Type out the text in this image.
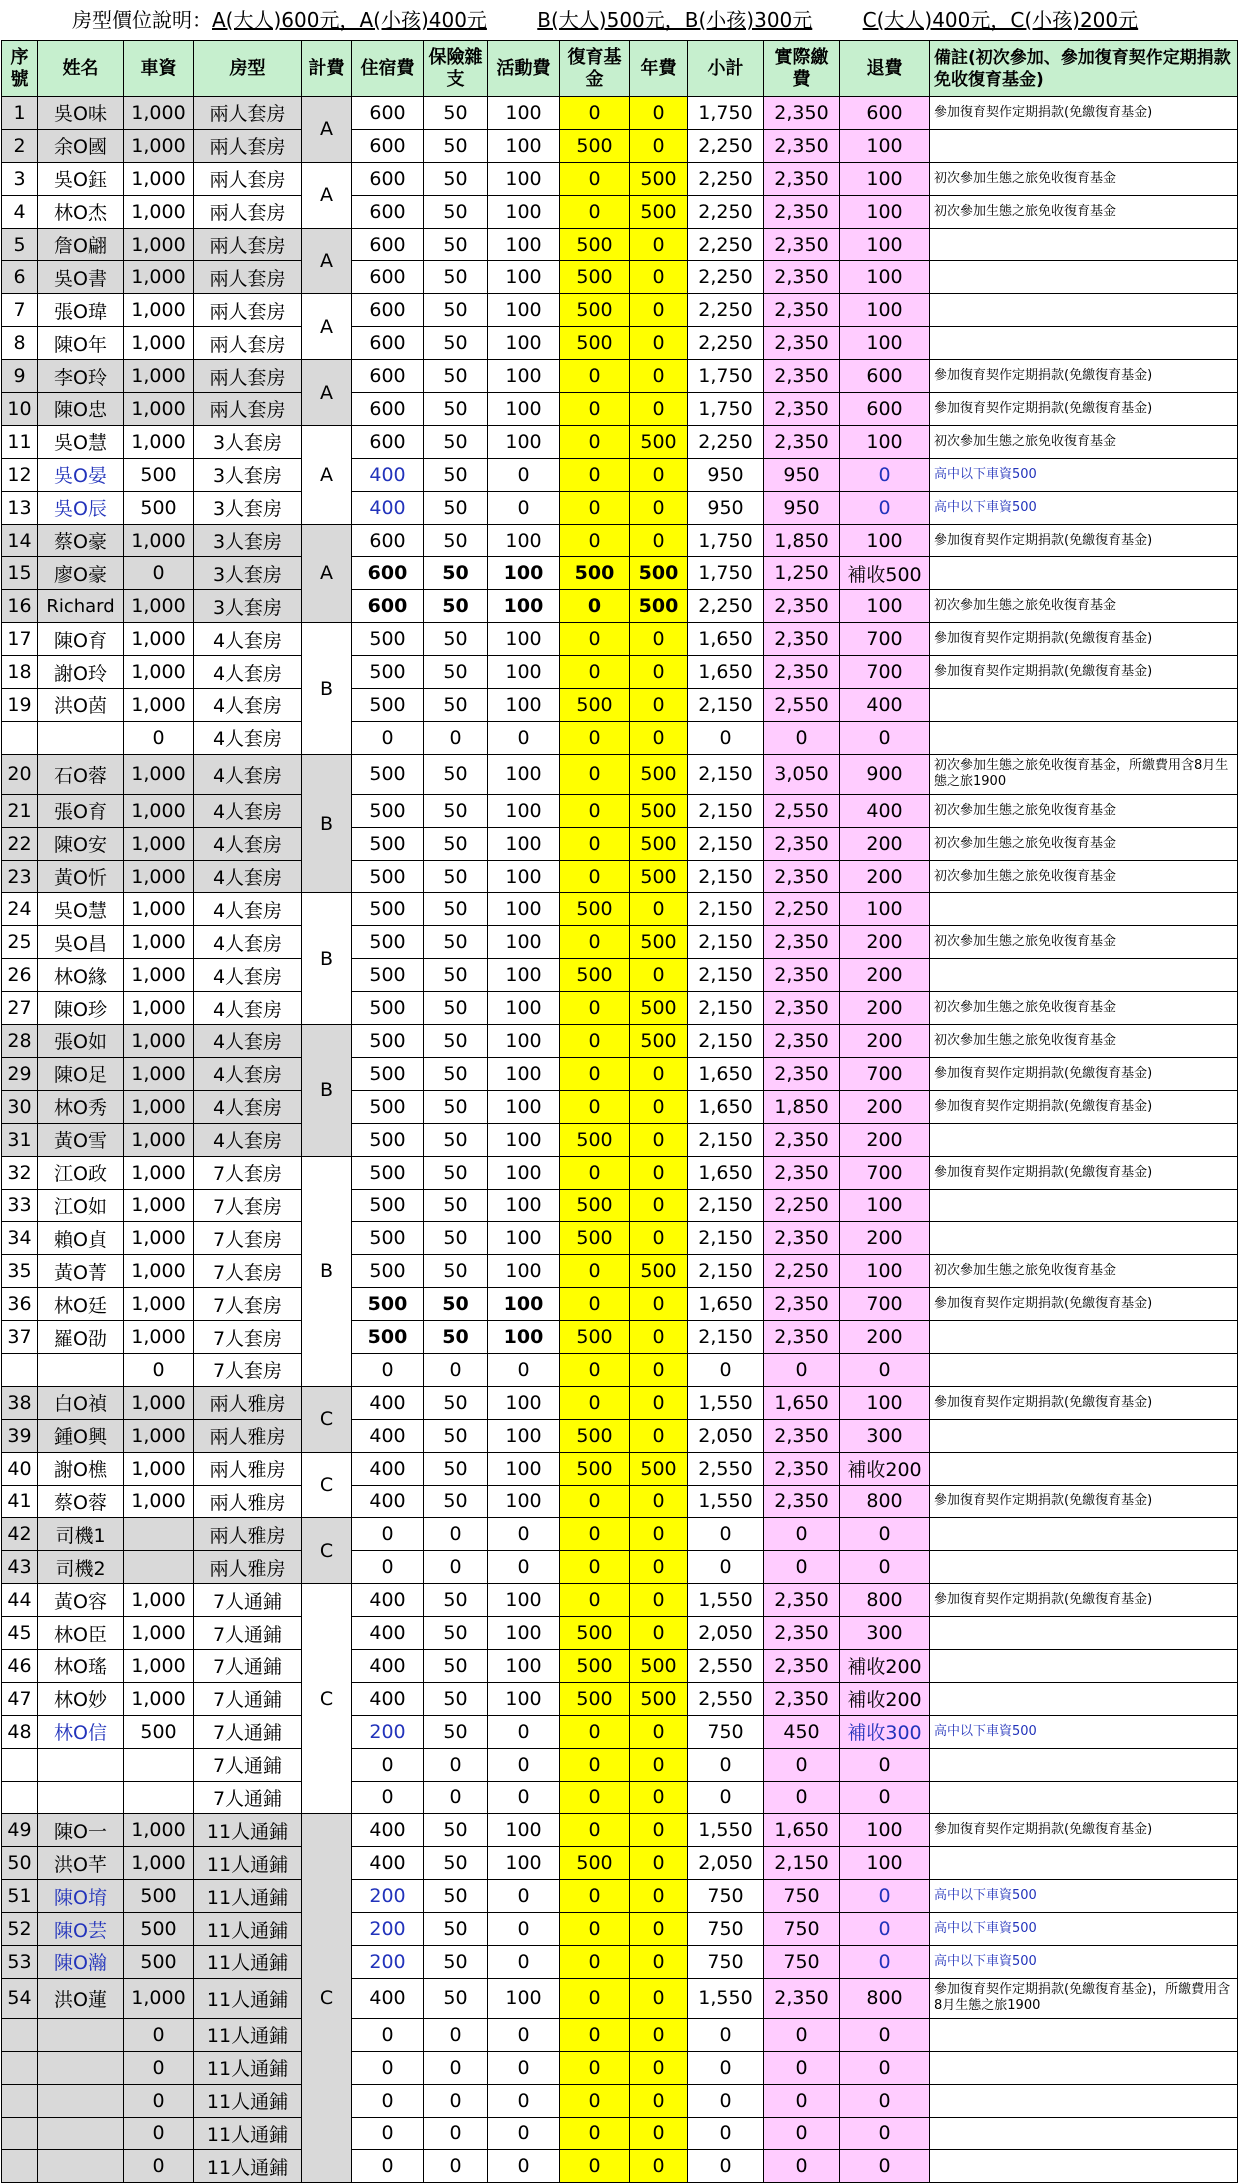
房型價位說明：A(大人)600元，A(小孩)400元	B(大人)500元，B(小孩)300元	C(大人)400元，C(小孩)200元
序號	姓名	車資	房型	計費	住宿費	保險雜支	活動費	復育基金	年費	小計	實際繳費	退費	備註(初次參加、參加復育契作定期捐款免收復育基金)
1	吳O味	1,000	兩人套房	A	600	50	100	0	0	1,750	2,350	600	參加復育契作定期捐款(免繳復育基金)
2	余O國	1,000	兩人套房		600	50	100	500	0	2,250	2,350	100	
3	吳O鈺	1,000	兩人套房	A	600	50	100	0	500	2,250	2,350	100	初次參加生態之旅免收復育基金
4	林O杰	1,000	兩人套房		600	50	100	0	500	2,250	2,350	100	初次參加生態之旅免收復育基金
5	詹O翩	1,000	兩人套房	A	600	50	100	500	0	2,250	2,350	100	
6	吳O書	1,000	兩人套房		600	50	100	500	0	2,250	2,350	100	
7	張O瑋	1,000	兩人套房	A	600	50	100	500	0	2,250	2,350	100	
8	陳O年	1,000	兩人套房		600	50	100	500	0	2,250	2,350	100	
9	李O玲	1,000	兩人套房	A	600	50	100	0	0	1,750	2,350	600	參加復育契作定期捐款(免繳復育基金)
10	陳O忠	1,000	兩人套房		600	50	100	0	0	1,750	2,350	600	參加復育契作定期捐款(免繳復育基金)
11	吳O慧	1,000	3人套房	A	600	50	100	0	500	2,250	2,350	100	初次參加生態之旅免收復育基金
12	吳O晏	500	3人套房		400	50	0	0	0	950	950	0	高中以下車資500
13	吳O辰	500	3人套房		400	50	0	0	0	950	950	0	高中以下車資500
14	蔡O豪	1,000	3人套房	A	600	50	100	0	0	1,750	1,850	100	參加復育契作定期捐款(免繳復育基金)
15	廖O豪	0	3人套房		600	50	100	500	500	1,750	1,250	補收500	
16	Richard	1,000	3人套房		600	50	100	0	500	2,250	2,350	100	初次參加生態之旅免收復育基金
17	陳O育	1,000	4人套房	B	500	50	100	0	0	1,650	2,350	700	參加復育契作定期捐款(免繳復育基金)
18	謝O玲	1,000	4人套房		500	50	100	0	0	1,650	2,350	700	參加復育契作定期捐款(免繳復育基金)
19	洪O茵	1,000	4人套房		500	50	100	500	0	2,150	2,550	400	
		0	4人套房		0	0	0	0	0	0	0	0	
20	石O蓉	1,000	4人套房	B	500	50	100	0	500	2,150	3,050	900	初次參加生態之旅免收復育基金，所繳費用含8月生態之旅1900
21	張O育	1,000	4人套房		500	50	100	0	500	2,150	2,550	400	初次參加生態之旅免收復育基金
22	陳O安	1,000	4人套房		500	50	100	0	500	2,150	2,350	200	初次參加生態之旅免收復育基金
23	黃O忻	1,000	4人套房		500	50	100	0	500	2,150	2,350	200	初次參加生態之旅免收復育基金
24	吳O慧	1,000	4人套房	B	500	50	100	500	0	2,150	2,250	100	
25	吳O昌	1,000	4人套房		500	50	100	0	500	2,150	2,350	200	初次參加生態之旅免收復育基金
26	林O緣	1,000	4人套房		500	50	100	500	0	2,150	2,350	200	
27	陳O珍	1,000	4人套房		500	50	100	0	500	2,150	2,350	200	初次參加生態之旅免收復育基金
28	張O如	1,000	4人套房	B	500	50	100	0	500	2,150	2,350	200	初次參加生態之旅免收復育基金
29	陳O足	1,000	4人套房		500	50	100	0	0	1,650	2,350	700	參加復育契作定期捐款(免繳復育基金)
30	林O秀	1,000	4人套房		500	50	100	0	0	1,650	1,850	200	參加復育契作定期捐款(免繳復育基金)
31	黃O雪	1,000	4人套房		500	50	100	500	0	2,150	2,350	200	
32	江O政	1,000	7人套房	B	500	50	100	0	0	1,650	2,350	700	參加復育契作定期捐款(免繳復育基金)
33	江O如	1,000	7人套房		500	50	100	500	0	2,150	2,250	100	
34	賴O貞	1,000	7人套房		500	50	100	500	0	2,150	2,350	200	
35	黃O菁	1,000	7人套房		500	50	100	0	500	2,150	2,250	100	初次參加生態之旅免收復育基金
36	林O廷	1,000	7人套房		500	50	100	0	0	1,650	2,350	700	參加復育契作定期捐款(免繳復育基金)
37	羅O劭	1,000	7人套房		500	50	100	500	0	2,150	2,350	200	
		0	7人套房		0	0	0	0	0	0	0	0	
38	白O禎	1,000	兩人雅房	C	400	50	100	0	0	1,550	1,650	100	參加復育契作定期捐款(免繳復育基金)
39	鍾O興	1,000	兩人雅房		400	50	100	500	0	2,050	2,350	300	
40	謝O樵	1,000	兩人雅房	C	400	50	100	500	500	2,550	2,350	補收200	
41	蔡O蓉	1,000	兩人雅房		400	50	100	0	0	1,550	2,350	800	參加復育契作定期捐款(免繳復育基金)
42	司機1		兩人雅房	C	0	0	0	0	0	0	0	0	
43	司機2		兩人雅房		0	0	0	0	0	0	0	0	
44	黃O容	1,000	7人通鋪	C	400	50	100	0	0	1,550	2,350	800	參加復育契作定期捐款(免繳復育基金)
45	林O臣	1,000	7人通鋪		400	50	100	500	0	2,050	2,350	300	
46	林O瑤	1,000	7人通鋪		400	50	100	500	500	2,550	2,350	補收200	
47	林O妙	1,000	7人通鋪		400	50	100	500	500	2,550	2,350	補收200	
48	林O信	500	7人通鋪		200	50	0	0	0	750	450	補收300	高中以下車資500
			7人通鋪		0	0	0	0	0	0	0	0	
			7人通鋪		0	0	0	0	0	0	0	0	
49	陳O一	1,000	11人通鋪	C	400	50	100	0	0	1,550	1,650	100	參加復育契作定期捐款(免繳復育基金)
50	洪O芊	1,000	11人通鋪		400	50	100	500	0	2,050	2,150	100	
51	陳O堉	500	11人通鋪		200	50	0	0	0	750	750	0	高中以下車資500
52	陳O芸	500	11人通鋪		200	50	0	0	0	750	750	0	高中以下車資500
53	陳O瀚	500	11人通鋪		200	50	0	0	0	750	750	0	高中以下車資500
54	洪O蓮	1,000	11人通鋪		400	50	100	0	0	1,550	2,350	800	參加復育契作定期捐款(免繳復育基金)，所繳費用含8月生態之旅1900
		0	11人通鋪		0	0	0	0	0	0	0	0	
		0	11人通鋪		0	0	0	0	0	0	0	0	
		0	11人通鋪		0	0	0	0	0	0	0	0	
		0	11人通鋪		0	0	0	0	0	0	0	0	
		0	11人通鋪		0	0	0	0	0	0	0	0	
